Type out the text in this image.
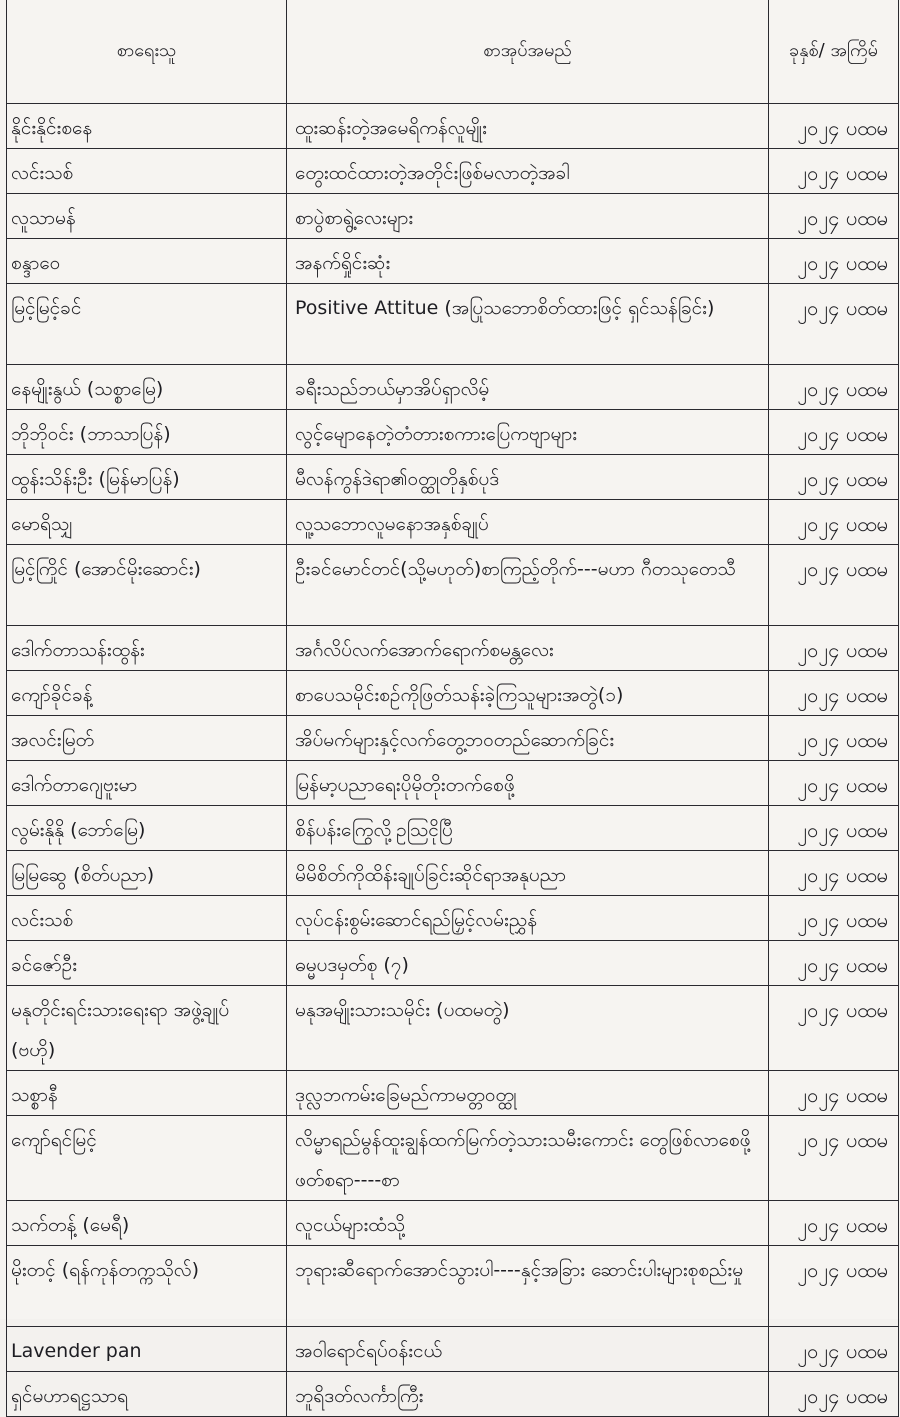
စာရေးသူ	စာအုပ်အမည်	ခုနှစ်/ အကြိမ်
နိုင်းနိုင်းစနေ	ထူးဆန်းတဲ့အမေရိကန်လူမျိုး	၂၀၂၄ ပထမ
လင်းသစ်	တွေးထင်ထားတဲ့အတိုင်းဖြစ်မလာတဲ့အခါ	၂၀၂၄ ပထမ
လူသာမန်	စာပွဲစာရွဲ့လေးများ	၂၀၂၄ ပထမ
စန္ဒာဝေ	အနက်ရှိုင်းဆုံး	၂၀၂၄ ပထမ
မြင့်မြင့်ခင်	Positive Attitue (အပြုသဘောစိတ်ထားဖြင့် ရှင်သန်ခြင်း)	၂၀၂၄ ပထမ
နေမျိုးနွယ် (သစ္စာမြေ)	ခရီးသည်ဘယ်မှာအိပ်ရှာလိမ့်	၂၀၂၄ ပထမ
ဘိုဘိုဝင်း (ဘာသာပြန်)	လွင့်မျောနေတဲ့တံတားစကားပြေကဗျာများ	၂၀၂၄ ပထမ
ထွန်းသိန်းဦး (မြန်မာပြန်)	မီလန်ကွန်ဒဲရာ၏ဝတ္ထုတိုနှစ်ပုဒ်	၂၀၂၄ ပထမ
မောရိသျှ	လူ့သဘောလူမနောအနှစ်ချုပ်	၂၀၂၄ ပထမ
မြင့်ကြိုင် (အောင်မိုးဆောင်း)	ဦးခင်မောင်တင်(သို့မဟုတ်)စာကြည့်တိုက်---မဟာ ဂီတသုတေသီ	၂၀၂၄ ပထမ
ဒေါက်တာသန်းထွန်း	အင်္ဂလိပ်လက်အောက်ရောက်စမန္တလေး	၂၀၂၄ ပထမ
ကျော်ခိုင်ခန့်	စာပေသမိုင်းစဉ်ကိုဖြတ်သန်းခဲ့ကြသူများအတွဲ(၁)	၂၀၂၄ ပထမ
အလင်းမြတ်	အိပ်မက်များနှင့်လက်တွေ့ဘဝတည်ဆောက်ခြင်း	၂၀၂၄ ပထမ
ဒေါက်တာဂျေဗူးမာ	မြန်မာ့ပညာရေးပိုမိုတိုးတက်စေဖို့	၂၀၂၄ ပထမ
လွမ်းနိုနို (ဘော်မြေ)	စိန်ပန်းကြွေလို့ဥဩငိုပြီ	၂၀၂၄ ပထမ
မြမြဆွေ (စိတ်ပညာ)	မိမိစိတ်ကိုထိန်းချုပ်ခြင်းဆိုင်ရာအနုပညာ	၂၀၂၄ ပထမ
လင်းသစ်	လုပ်ငန်းစွမ်းဆောင်ရည်မြှင့်လမ်းညွှန်	၂၀၂၄ ပထမ
ခင်ဇော်ဦး	ဓမ္မပဒမှတ်စု (၇)	၂၀၂၄ ပထမ
မနုတိုင်းရင်းသားရေးရာ အဖွဲ့ချုပ် (ဗဟို)	မနုအမျိုးသားသမိုင်း (ပထမတွဲ)	၂၀၂၄ ပထမ
သစ္စာနီ	ဒုလ္လဘကမ်းခြေမည်ကာမတ္တဝတ္ထု	၂၀၂၄ ပထမ
ကျော်ရင်မြင့်	လိမ္မာရည်မွန်ထူးချွန်ထက်မြက်တဲ့သားသမီးကောင်း တွေဖြစ်လာစေဖို့ဖတ်စရာ----စာ	၂၀၂၄ ပထမ
သက်တန့် (မေရီ)	လူငယ်များထံသို့	၂၀၂၄ ပထမ
မိုးတင့် (ရန်ကုန်တက္ကသိုလ်)	ဘုရားဆီရောက်အောင်သွားပါ----နှင့်အခြား ဆောင်းပါးများစုစည်းမှု	၂၀၂၄ ပထမ
Lavender pan	အဝါရောင်ရပ်ဝန်းငယ်	၂၀၂၄ ပထမ
ရှင်မဟာရဋ္ဌသာရ	ဘူရိဒတ်လင်္ကာကြီး	၂၀၂၄ ပထမ
